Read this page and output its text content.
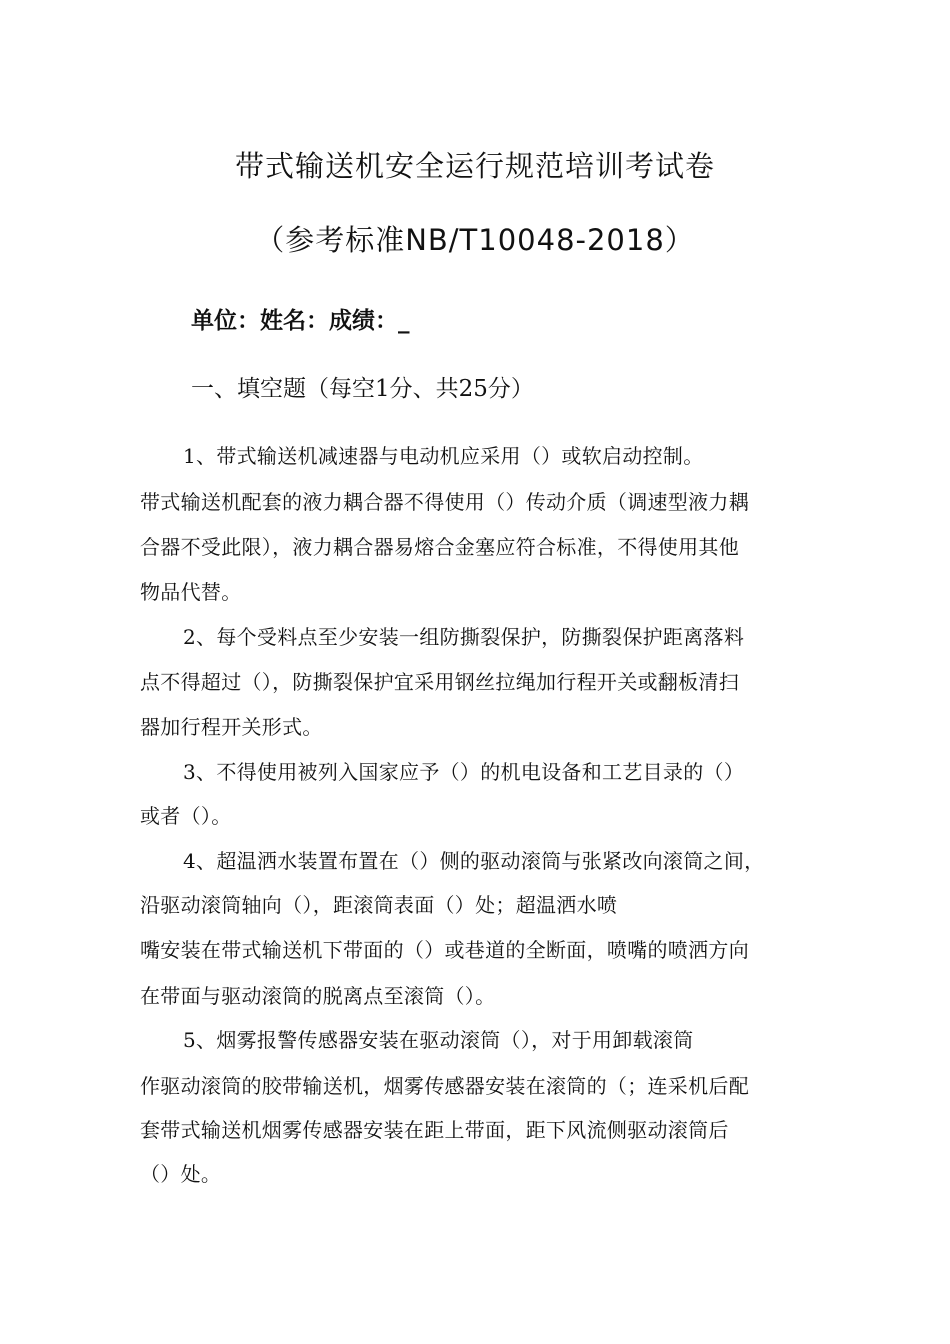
带式输送机安全运行规范培训考试卷
（参考标准NB/T10048-2018）

单位：姓名：成绩：_

一、填空题（每空1分、共25分）

1、带式输送机减速器与电动机应采用（）或软启动控制。

带式输送机配套的液力耦合器不得使用（）传动介质（调速型液力耦

合器不受此限），液力耦合器易熔合金塞应符合标准，不得使用其他

物品代替。

2、每个受料点至少安装一组防撕裂保护，防撕裂保护距离落料

点不得超过（），防撕裂保护宜采用钢丝拉绳加行程开关或翻板清扫

器加行程开关形式。

3、不得使用被列入国家应予（）的机电设备和工艺目录的（）

或者（）。

4、超温洒水装置布置在（）侧的驱动滚筒与张紧改向滚筒之间，

沿驱动滚筒轴向（），距滚筒表面（）处；超温洒水喷

嘴安装在带式输送机下带面的（）或巷道的全断面，喷嘴的喷洒方向

在带面与驱动滚筒的脱离点至滚筒（）。

5、烟雾报警传感器安装在驱动滚筒（），对于用卸载滚筒

作驱动滚筒的胶带输送机，烟雾传感器安装在滚筒的（；连采机后配

套带式输送机烟雾传感器安装在距上带面，距下风流侧驱动滚筒后

（）处。
